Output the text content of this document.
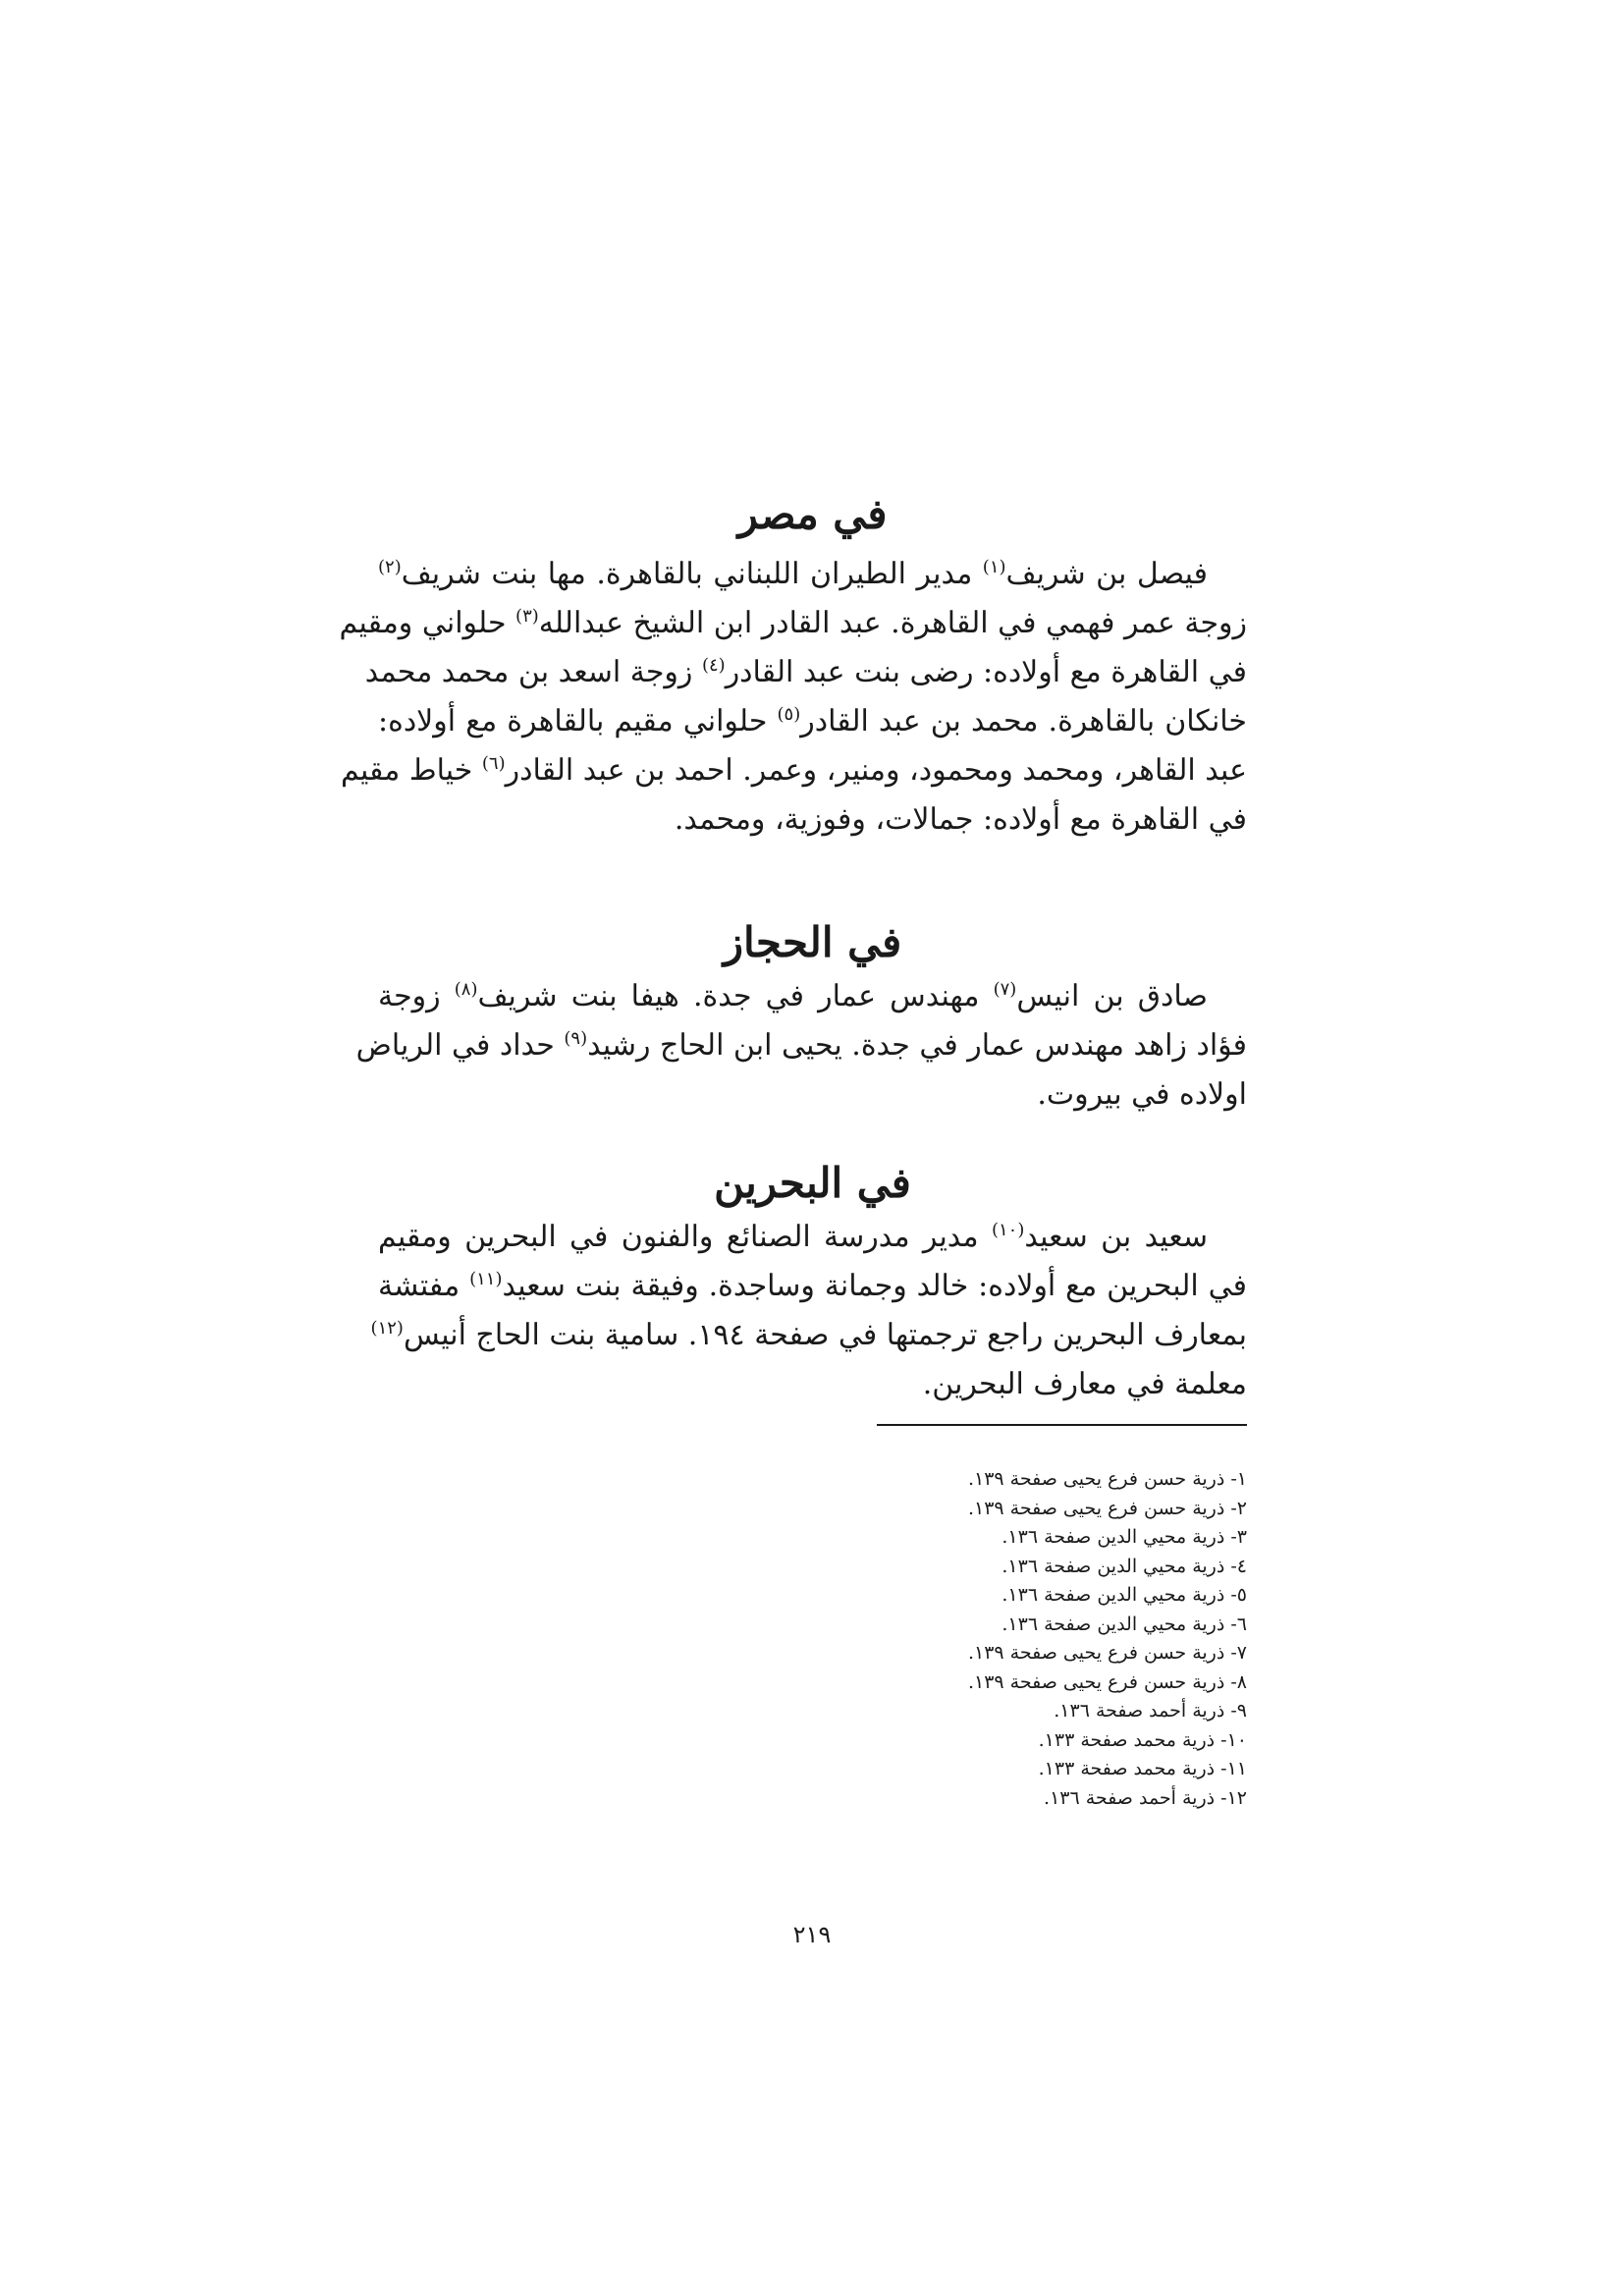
في مصر
فيصل بن شريف$^{(١)}$ مدير الطيران اللبناني بالقاهرة. مها بنت شريف$^{(٢)}$
زوجة عمر فهمي في القاهرة. عبد القادر ابن الشيخ عبدالله$^{(٣)}$ حلواني ومقيم
في القاهرة مع أولاده: رضى بنت عبد القادر$^{(٤)}$ زوجة اسعد بن محمد محمد
خانكان بالقاهرة. محمد بن عبد القادر$^{(٥)}$ حلواني مقيم بالقاهرة مع أولاده:
عبد القاهر، ومحمد ومحمود، ومنير، وعمر. احمد بن عبد القادر$^{(٦)}$ خياط مقيم
في القاهرة مع أولاده: جمالات، وفوزية، ومحمد.
في الحجاز
صادق بن انيس$^{(٧)}$ مهندس عمار في جدة. هيفا بنت شريف$^{(٨)}$ زوجة
فؤاد زاهد مهندس عمار في جدة. يحيى ابن الحاج رشيد$^{(٩)}$ حداد في الرياض
اولاده في بيروت.
في البحرين
سعيد بن سعيد$^{(١٠)}$ مدير مدرسة الصنائع والفنون في البحرين ومقيم
في البحرين مع أولاده: خالد وجمانة وساجدة. وفيقة بنت سعيد$^{(١١)}$ مفتشة
بمعارف البحرين راجع ترجمتها في صفحة ١٩٤. سامية بنت الحاج أنيس$^{(١٢)}$
معلمة في معارف البحرين.
١- ذرية حسن فرع يحيى صفحة ١٣٩.
٢- ذرية حسن فرع يحيى صفحة ١٣٩.
٣- ذرية محيي الدين صفحة ١٣٦.
٤- ذرية محيي الدين صفحة ١٣٦.
٥- ذرية محيي الدين صفحة ١٣٦.
٦- ذرية محيي الدين صفحة ١٣٦.
٧- ذرية حسن فرع يحيى صفحة ١٣٩.
٨- ذرية حسن فرع يحيى صفحة ١٣٩.
٩- ذرية أحمد صفحة ١٣٦.
١٠- ذرية محمد صفحة ١٣٣.
١١- ذرية محمد صفحة ١٣٣.
١٢- ذرية أحمد صفحة ١٣٦.
٢١٩
